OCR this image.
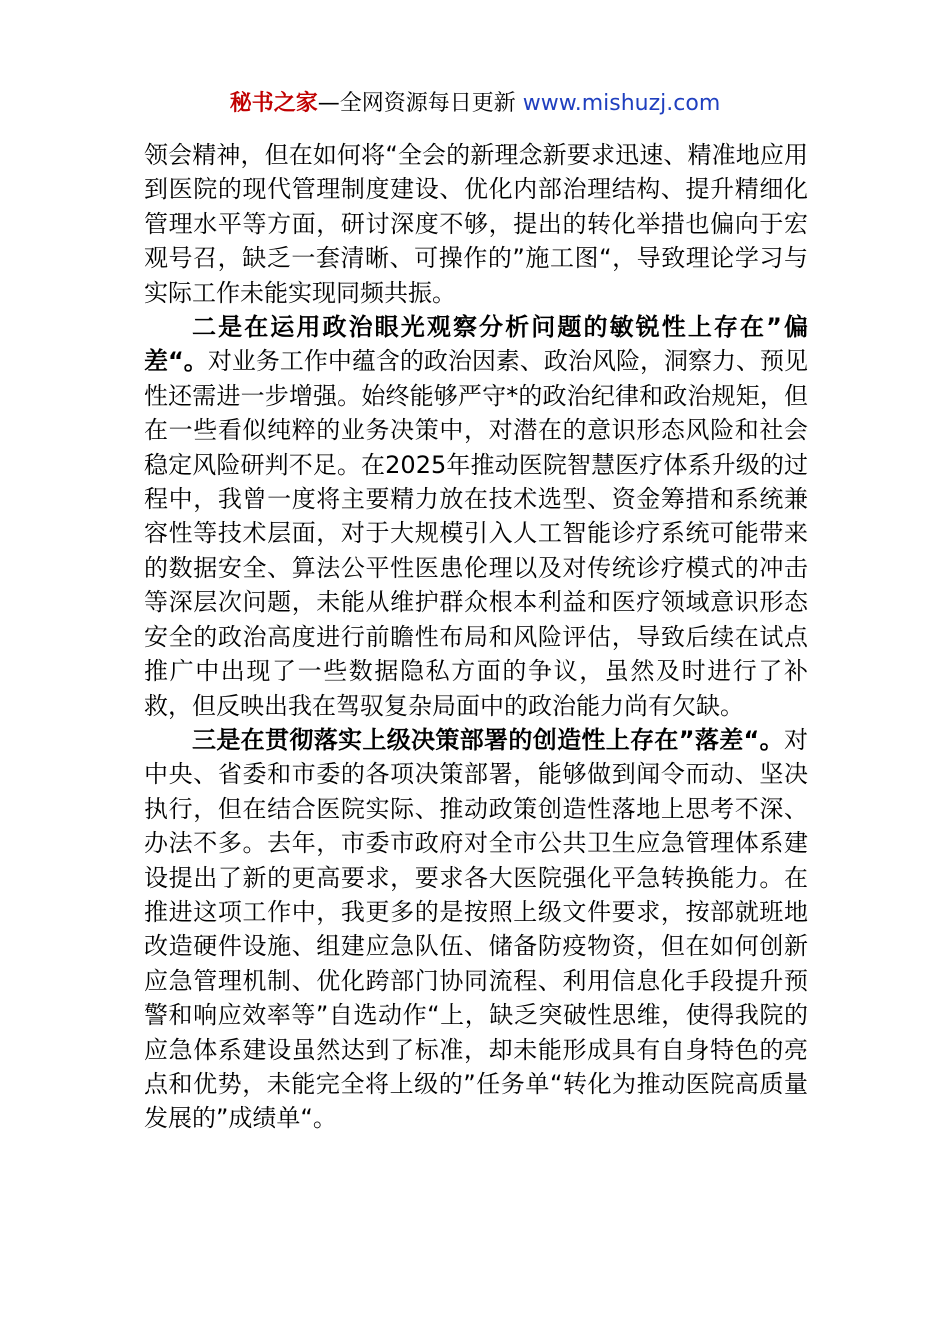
秘书之家—全网资源每日更新 www.mishuzj.com

领会精神，但在如何将“全会的新理念新要求迅速、精准地应用到医院的现代管理制度建设、优化内部治理结构、提升精细化管理水平等方面，研讨深度不够，提出的转化举措也偏向于宏观号召，缺乏一套清晰、可操作的”施工图“，导致理论学习与实际工作未能实现同频共振。

二是在运用政治眼光观察分析问题的敏锐性上存在”偏差“。对业务工作中蕴含的政治因素、政治风险，洞察力、预见性还需进一步增强。始终能够严守*的政治纪律和政治规矩，但在一些看似纯粹的业务决策中，对潜在的意识形态风险和社会稳定风险研判不足。在2025年推动医院智慧医疗体系升级的过程中，我曾一度将主要精力放在技术选型、资金筹措和系统兼容性等技术层面，对于大规模引入人工智能诊疗系统可能带来的数据安全、算法公平性医患伦理以及对传统诊疗模式的冲击等深层次问题，未能从维护群众根本利益和医疗领域意识形态安全的政治高度进行前瞻性布局和风险评估，导致后续在试点推广中出现了一些数据隐私方面的争议，虽然及时进行了补救，但反映出我在驾驭复杂局面中的政治能力尚有欠缺。

三是在贯彻落实上级决策部署的创造性上存在”落差“。对中央、省委和市委的各项决策部署，能够做到闻令而动、坚决执行，但在结合医院实际、推动政策创造性落地上思考不深、办法不多。去年，市委市政府对全市公共卫生应急管理体系建设提出了新的更高要求，要求各大医院强化平急转换能力。在推进这项工作中，我更多的是按照上级文件要求，按部就班地改造硬件设施、组建应急队伍、储备防疫物资，但在如何创新应急管理机制、优化跨部门协同流程、利用信息化手段提升预警和响应效率等”自选动作“上，缺乏突破性思维，使得我院的应急体系建设虽然达到了标准，却未能形成具有自身特色的亮点和优势，未能完全将上级的”任务单“转化为推动医院高质量发展的”成绩单“。
